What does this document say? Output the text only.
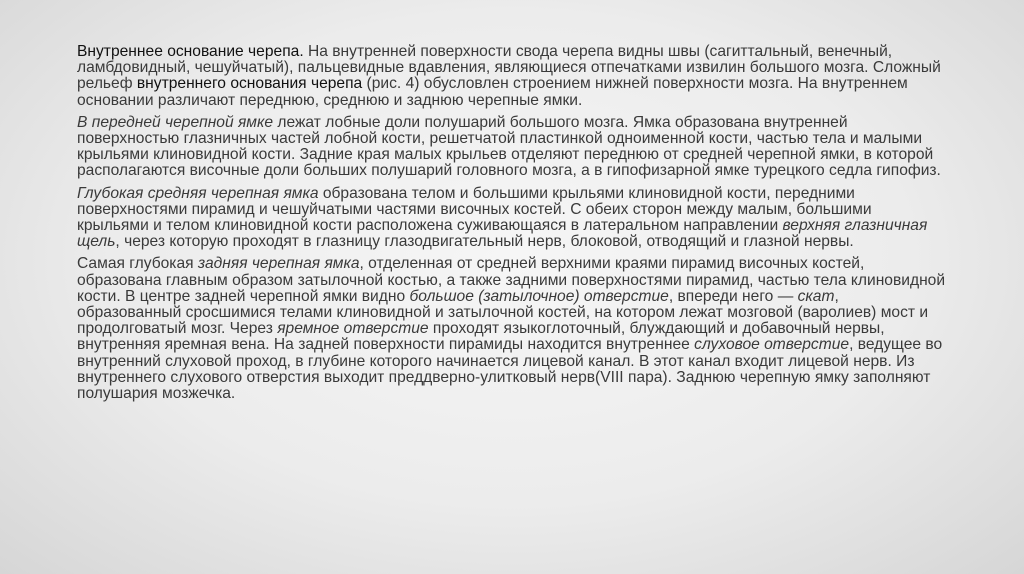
Внутреннее основание черепа. На внутренней поверхности свода черепа видны швы (сагиттальный, венечный, ламбдовидный, чешуйчатый), пальцевидные вдавления, являющиеся отпечатками извилин большого мозга. Сложный рельеф внутреннего основания черепа (рис. 4) обусловлен строением нижней поверхности мозга. На внутреннем основании различают переднюю, среднюю и заднюю черепные ямки.

В передней черепной ямке лежат лобные доли полушарий большого мозга. Ямка образована внутренней поверхностью глазничных частей лобной кости, решетчатой пластинкой одноименной кости, частью тела и малыми крыльями клиновидной кости. Задние края малых крыльев отделяют переднюю от средней черепной ямки, в которой располагаются височные доли больших полушарий головного мозга, а в гипофизарной ямке турецкого седла гипофиз.

Глубокая средняя черепная ямка образована телом и большими крыльями клиновидной кости, передними поверхностями пирамид и чешуйчатыми частями височных костей. С обеих сторон между малым, большими крыльями и телом клиновидной кости расположена суживающаяся в латеральном направлении верхняя глазничная щель, через которую проходят в глазницу глазодвигательный нерв, блоковой, отводящий и глазной нервы.

Самая глубокая задняя черепная ямка, отделенная от средней верхними краями пирамид височных костей, образована главным образом затылочной костью, а также задними поверхностями пирамид, частью тела клиновидной кости. В центре задней черепной ямки видно большое (затылочное) отверстие, впереди него — скат, образованный сросшимися телами клиновидной и затылочной костей, на котором лежат мозговой (варолиев) мост и продолговатый мозг. Через яремное отверстие проходят языкоглоточный, блуждающий и добавочный нервы, внутренняя яремная вена. На задней поверхности пирамиды находится внутреннее слуховое отверстие, ведущее во внутренний слуховой проход, в глубине которого начинается лицевой канал. В этот канал входит лицевой нерв. Из внутреннего слухового отверстия выходит преддверно-улитковый нерв(VIII пара). Заднюю черепную ямку заполняют полушария мозжечка.
